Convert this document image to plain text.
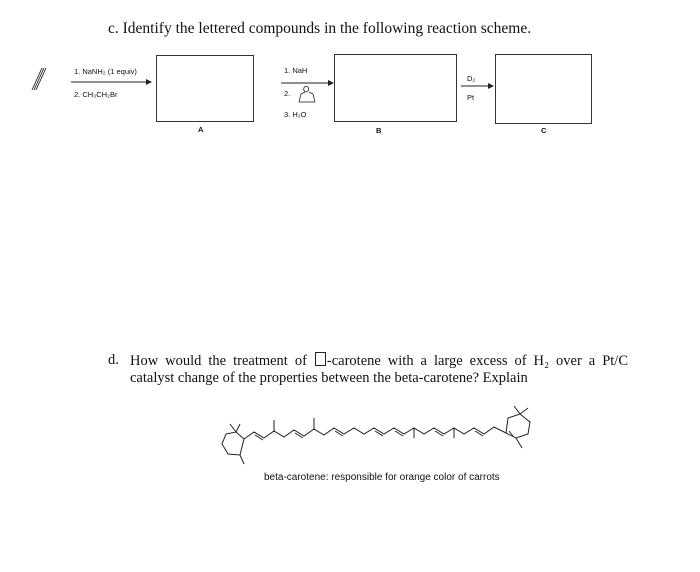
c. Identify the lettered compounds in the following reaction scheme.
1. NaNH₂ (1 equiv)
2. CH₃CH₂Br
A
1. NaH
2. O
3. H₂O
B
D₂
Pt
C
d. How would the treatment of -carotene with a large excess of H₂ over a Pt/C catalyst change of the properties between the beta-carotene? Explain
beta-carotene: responsible for orange color of carrots
